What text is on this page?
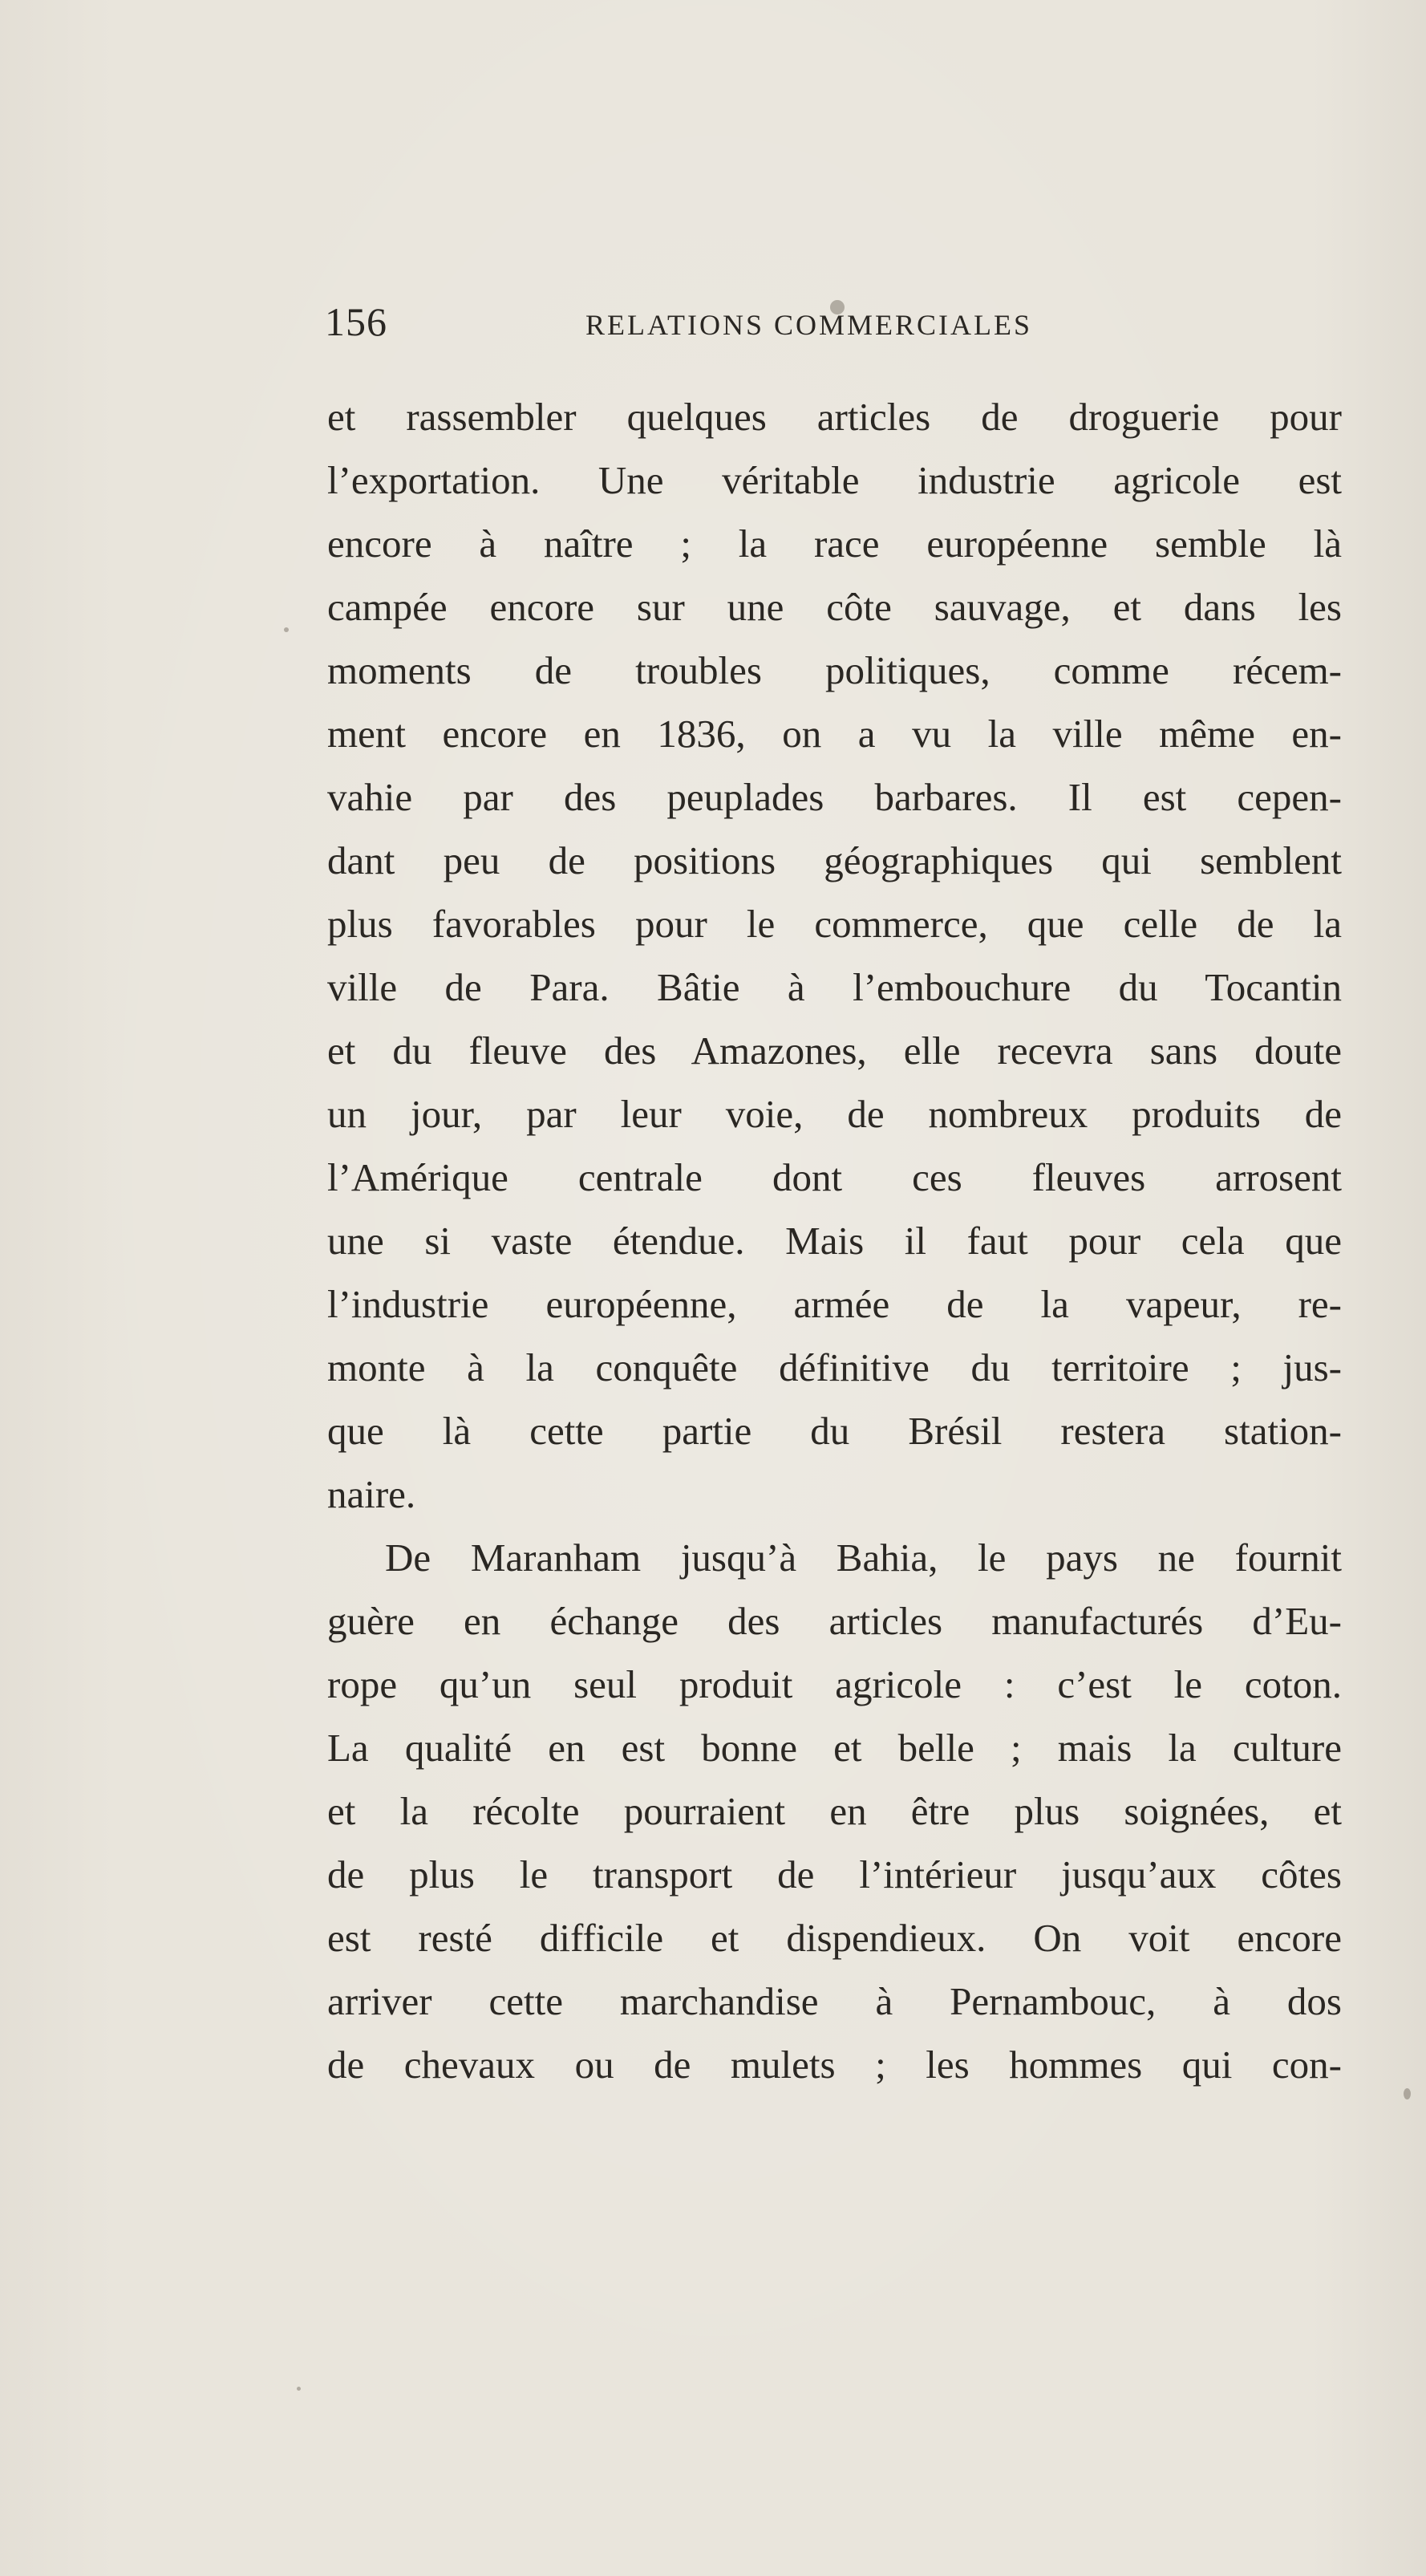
156	RELATIONS COMMERCIALES
et rassembler quelques articles de droguerie pour
l’exportation. Une véritable industrie agricole est
encore à naître ; la race européenne semble là
campée encore sur une côte sauvage, et dans les
moments de troubles politiques, comme récem-
ment encore en 1836, on a vu la ville même en-
vahie par des peuplades barbares. Il est cepen-
dant peu de positions géographiques qui semblent
plus favorables pour le commerce, que celle de la
ville de Para. Bâtie à l’embouchure du Tocantin
et du fleuve des Amazones, elle recevra sans doute
un jour, par leur voie, de nombreux produits de
l’Amérique centrale dont ces fleuves arrosent
une si vaste étendue. Mais il faut pour cela que
l’industrie européenne, armée de la vapeur, re-
monte à la conquête définitive du territoire ; jus-
que là cette partie du Brésil restera station-
naire.
De Maranham jusqu’à Bahia, le pays ne fournit
guère en échange des articles manufacturés d’Eu-
rope qu’un seul produit agricole : c’est le coton.
La qualité en est bonne et belle ; mais la culture
et la récolte pourraient en être plus soignées, et
de plus le transport de l’intérieur jusqu’aux côtes
est resté difficile et dispendieux. On voit encore
arriver cette marchandise à Pernambouc, à dos
de chevaux ou de mulets ; les hommes qui con-
